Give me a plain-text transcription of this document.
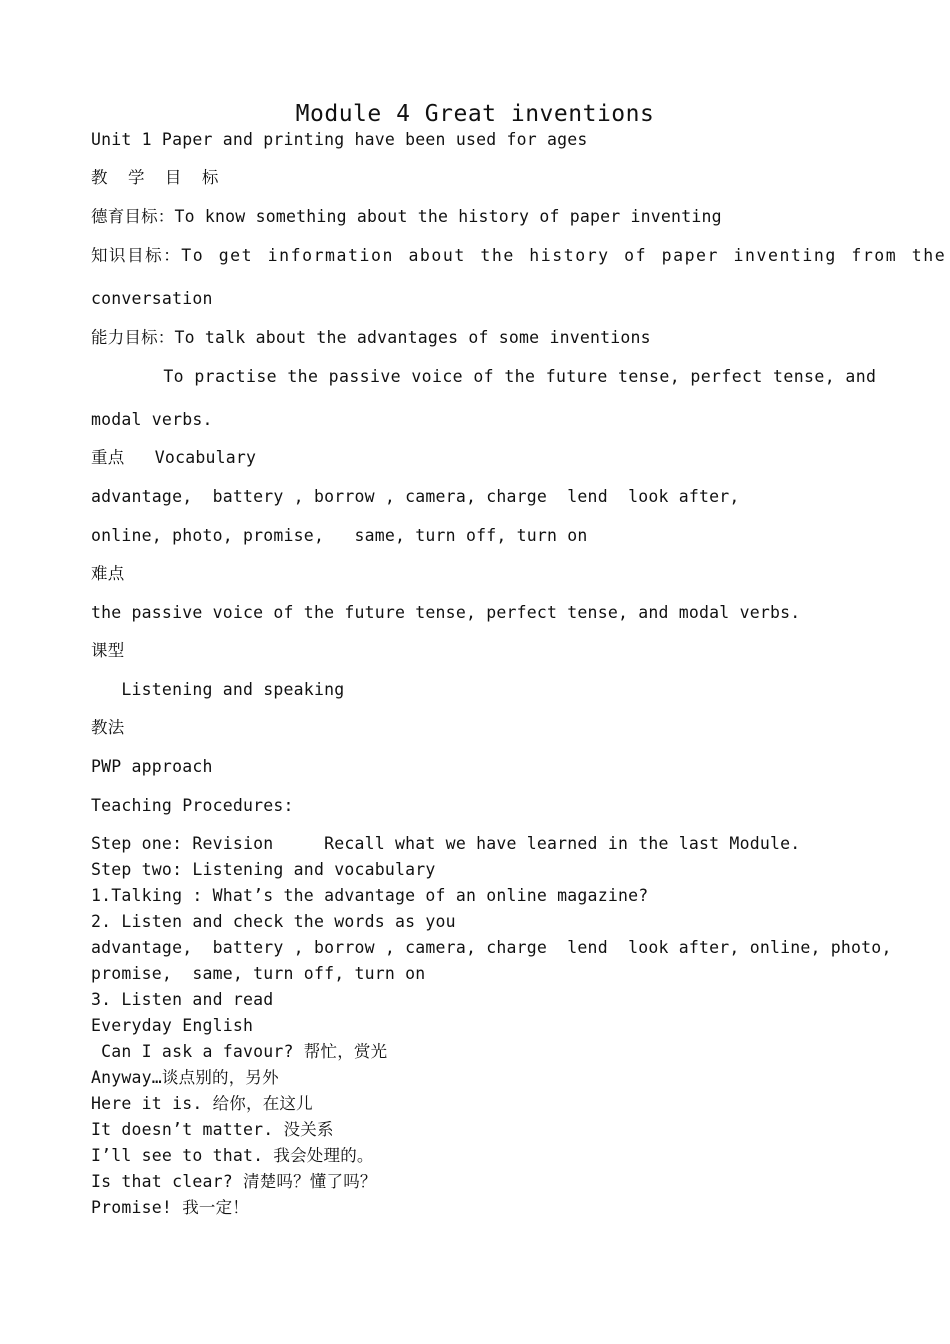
Module 4 Great inventions
Unit 1 Paper and printing have been used for ages
教  学  目  标
德育目标：To know something about the history of paper inventing
知识目标：To get information about the history of paper inventing from the
conversation
能力目标：To talk about the advantages of some inventions
To practise the passive voice of the future tense, perfect tense, and
modal verbs.
重点   Vocabulary
advantage,  battery , borrow , camera, charge  lend  look after,
online, photo, promise,   same, turn off, turn on
难点
the passive voice of the future tense, perfect tense, and modal verbs.
课型
Listening and speaking
教法
PWP approach
Teaching Procedures:
Step one: Revision     Recall what we have learned in the last Module.
Step two: Listening and vocabulary
1.Talking : What’s the advantage of an online magazine?
2. Listen and check the words as you
advantage,  battery , borrow , camera, charge  lend  look after, online, photo,
promise,  same, turn off, turn on
3. Listen and read
Everyday English
Can I ask a favour? 帮忙，赏光
Anyway…谈点别的，另外
Here it is. 给你，在这儿
It doesn’t matter. 没关系
I’ll see to that. 我会处理的。
Is that clear? 清楚吗？懂了吗？
Promise! 我一定！
